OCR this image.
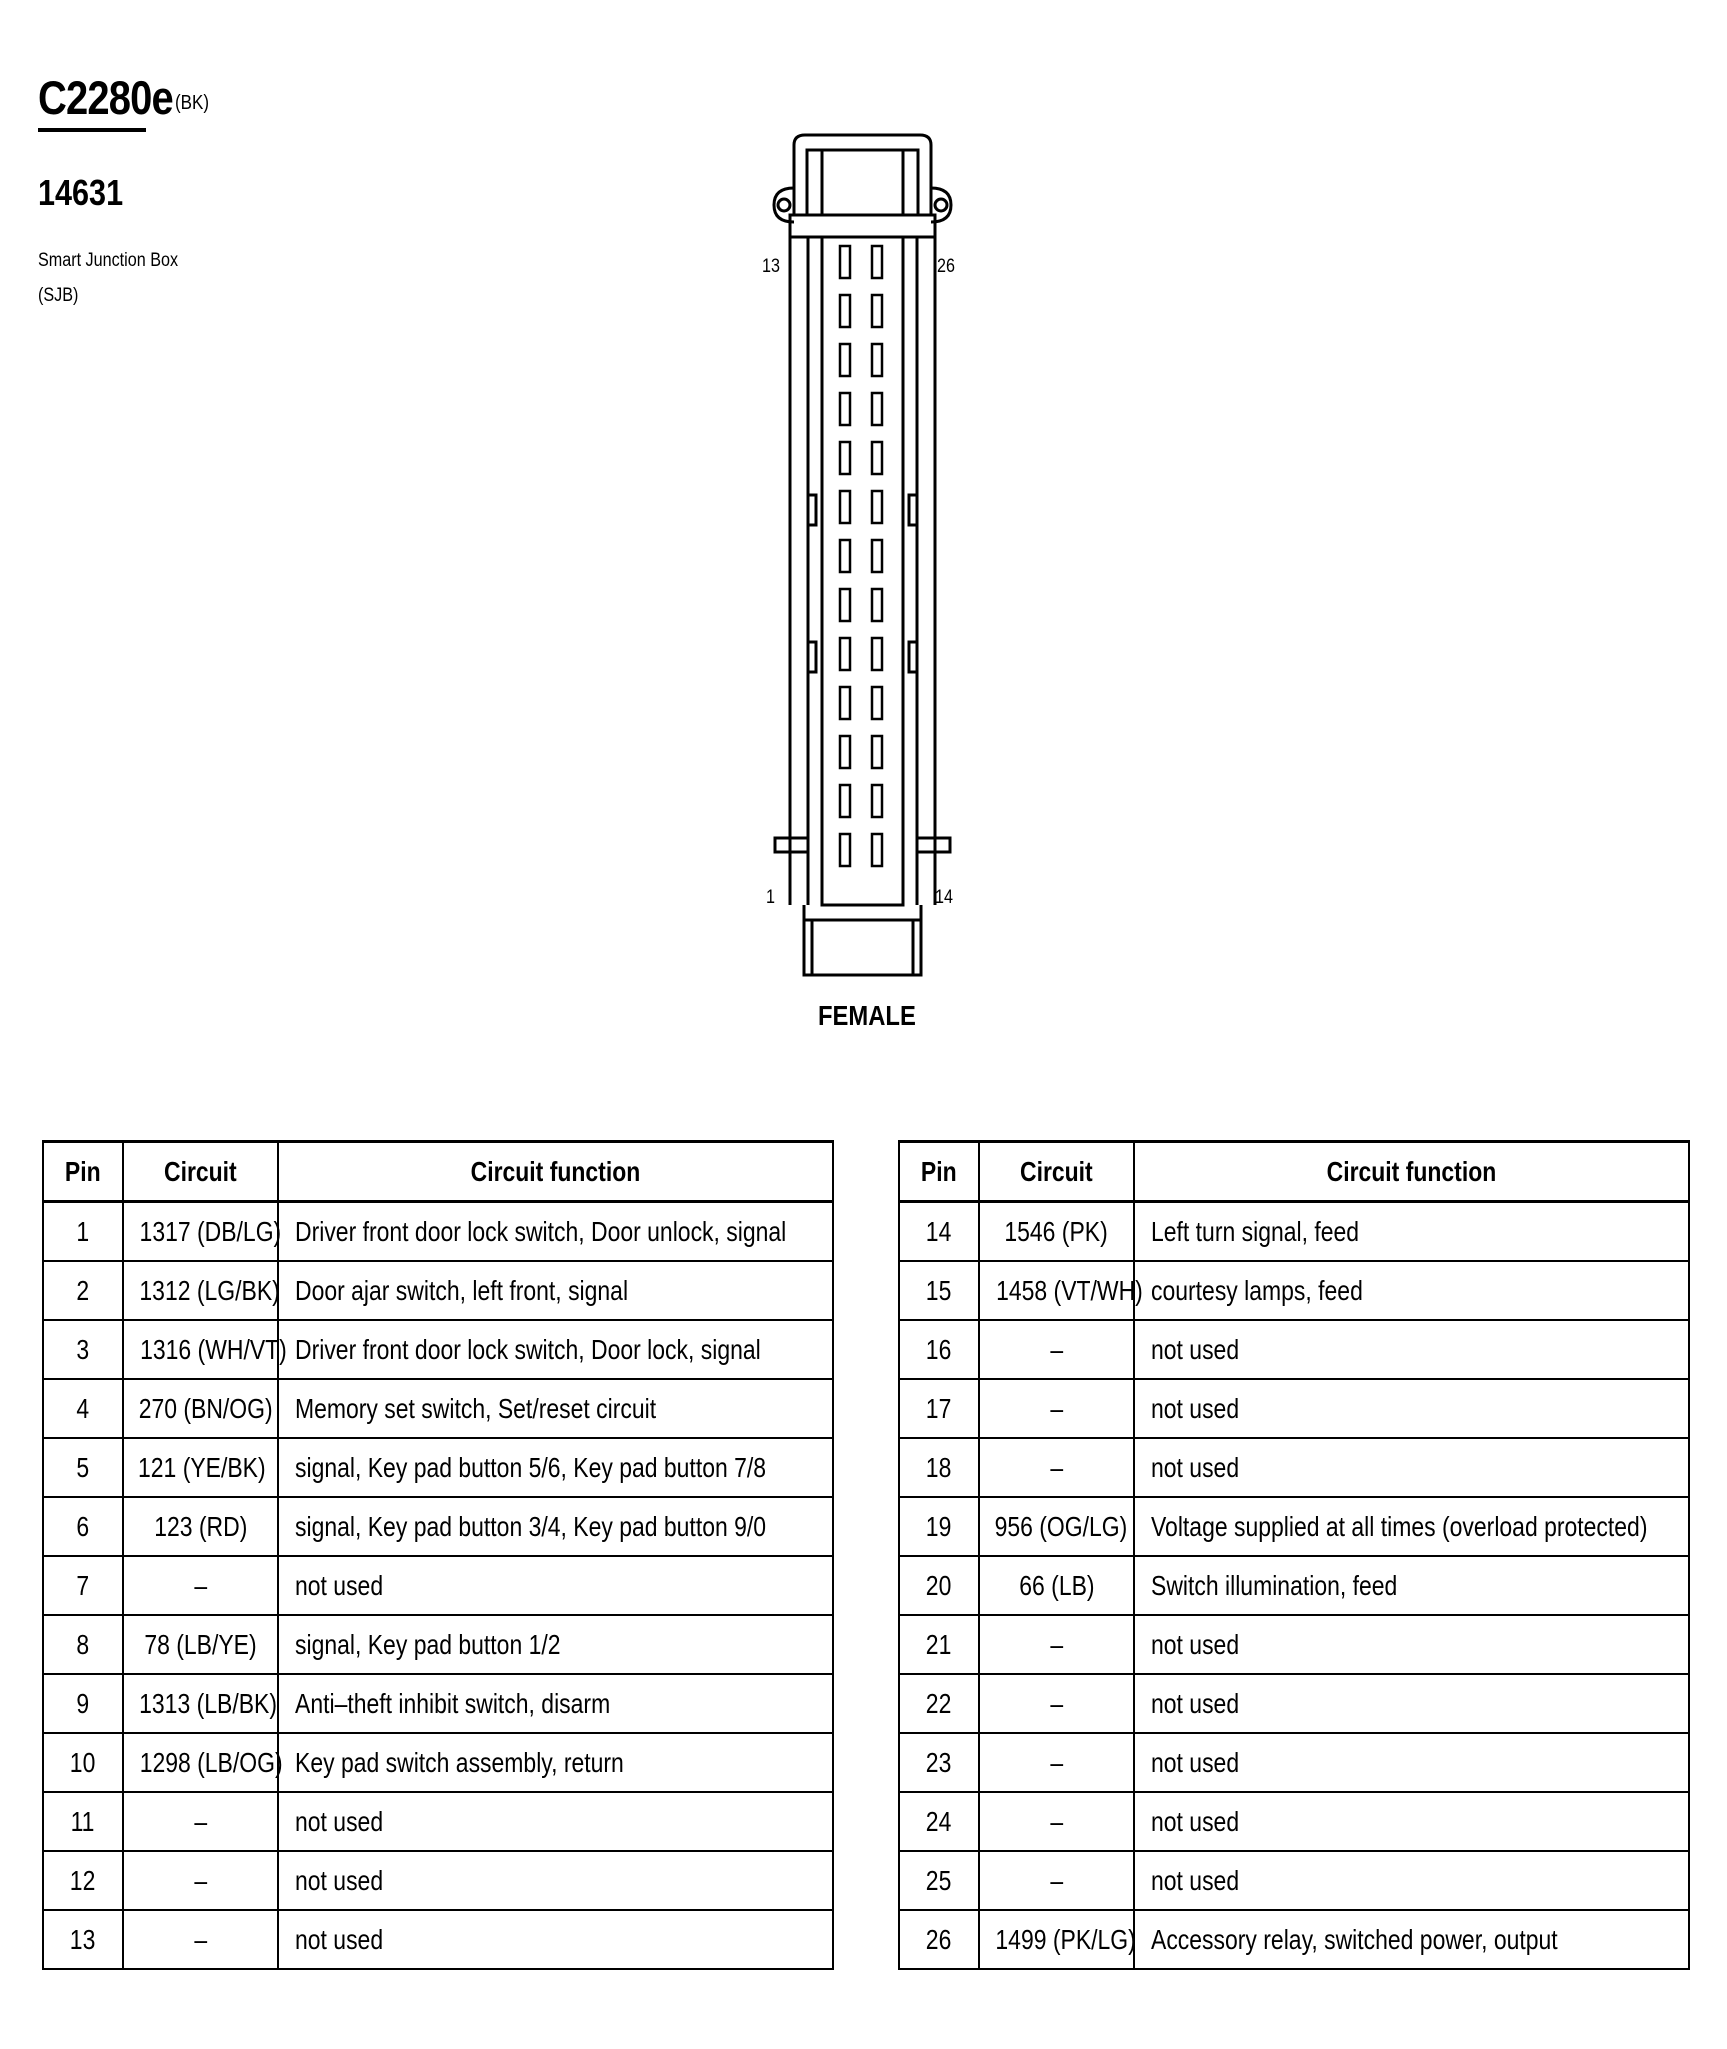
C2280e (BK)
14631
Smart Junction Box
(SJB)
13	26
1	14
FEMALE
Pin	Circuit	Circuit function
1	1317 (DB/LG)	Driver front door lock switch, Door unlock, signal
2	1312 (LG/BK)	Door ajar switch, left front, signal
3	1316 (WH/VT)	Driver front door lock switch, Door lock, signal
4	270 (BN/OG)	Memory set switch, Set/reset circuit
5	121 (YE/BK)	signal, Key pad button 5/6, Key pad button 7/8
6	123 (RD)	signal, Key pad button 3/4, Key pad button 9/0
7	–	not used
8	78 (LB/YE)	signal, Key pad button 1/2
9	1313 (LB/BK)	Anti–theft inhibit switch, disarm
10	1298 (LB/OG)	Key pad switch assembly, return
11	–	not used
12	–	not used
13	–	not used
Pin	Circuit	Circuit function
14	1546 (PK)	Left turn signal, feed
15	1458 (VT/WH)	courtesy lamps, feed
16	–	not used
17	–	not used
18	–	not used
19	956 (OG/LG)	Voltage supplied at all times (overload protected)
20	66 (LB)	Switch illumination, feed
21	–	not used
22	–	not used
23	–	not used
24	–	not used
25	–	not used
26	1499 (PK/LG)	Accessory relay, switched power, output
